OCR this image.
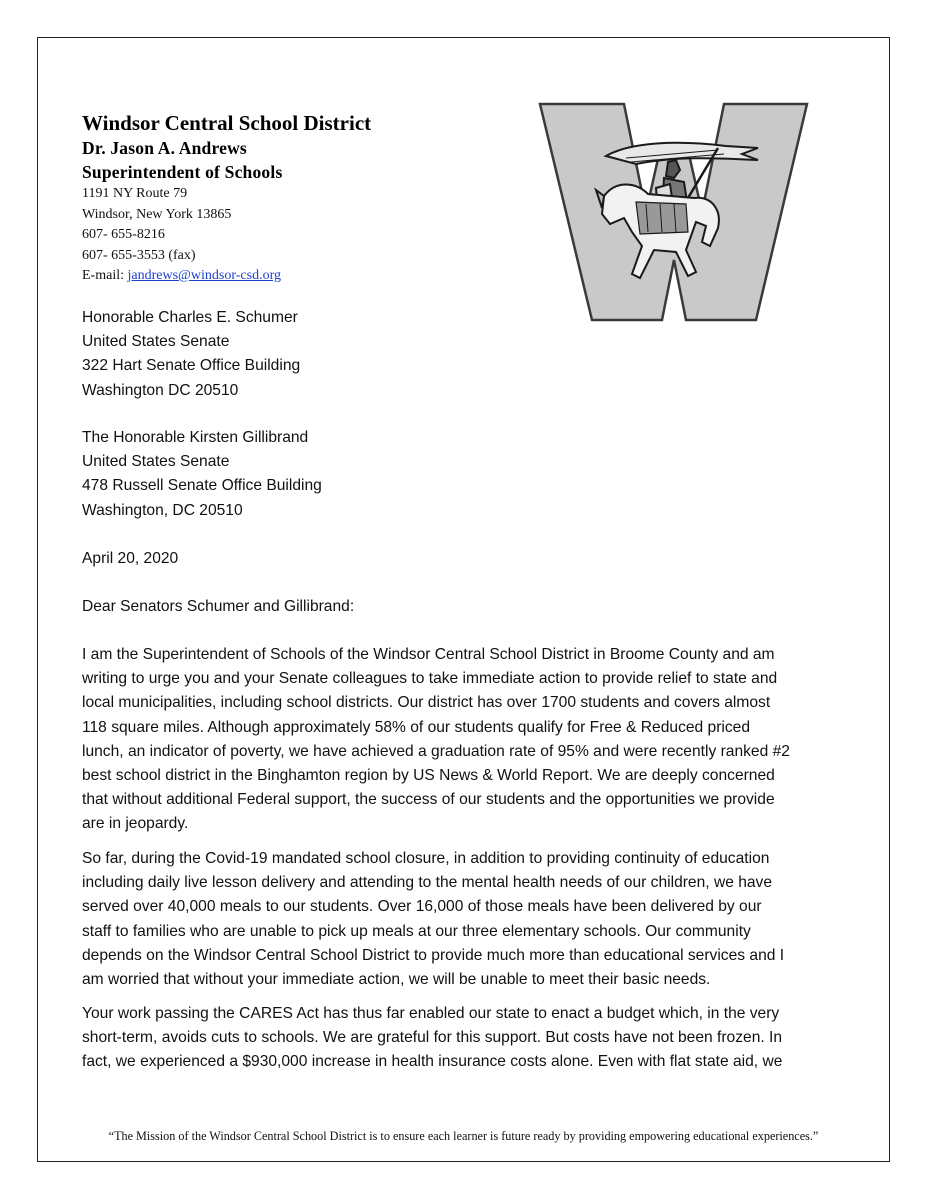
Windsor Central School District
Dr. Jason A. Andrews
Superintendent of Schools
1191 NY Route 79
Windsor, New York 13865
607- 655-8216
607- 655-3553 (fax)
E-mail: jandrews@windsor-csd.org
Honorable Charles E. Schumer
United States Senate
322 Hart Senate Office Building
Washington DC 20510
The Honorable Kirsten Gillibrand
United States Senate
478 Russell Senate Office Building
Washington, DC 20510
April 20, 2020
Dear Senators Schumer and Gillibrand:
I am the Superintendent of Schools of the Windsor Central School District in Broome County and am
writing to urge you and your Senate colleagues to take immediate action to provide relief to state and
local municipalities, including school districts. Our district has over 1700 students and covers almost
118 square miles. Although approximately 58% of our students qualify for Free & Reduced priced
lunch, an indicator of poverty, we have achieved a graduation rate of 95% and were recently ranked #2
best school district in the Binghamton region by US News & World Report. We are deeply concerned
that without additional Federal support, the success of our students and the opportunities we provide
are in jeopardy.
So far, during the Covid-19 mandated school closure, in addition to providing continuity of education
including daily live lesson delivery and attending to the mental health needs of our children, we have
served over 40,000 meals to our students. Over 16,000 of those meals have been delivered by our
staff to families who are unable to pick up meals at our three elementary schools. Our community
depends on the Windsor Central School District to provide much more than educational services and I
am worried that without your immediate action, we will be unable to meet their basic needs.
Your work passing the CARES Act has thus far enabled our state to enact a budget which, in the very
short-term, avoids cuts to schools. We are grateful for this support. But costs have not been frozen. In
fact, we experienced a $930,000 increase in health insurance costs alone. Even with flat state aid, we
“The Mission of the Windsor Central School District is to ensure each learner is future ready by providing empowering educational experiences.”
